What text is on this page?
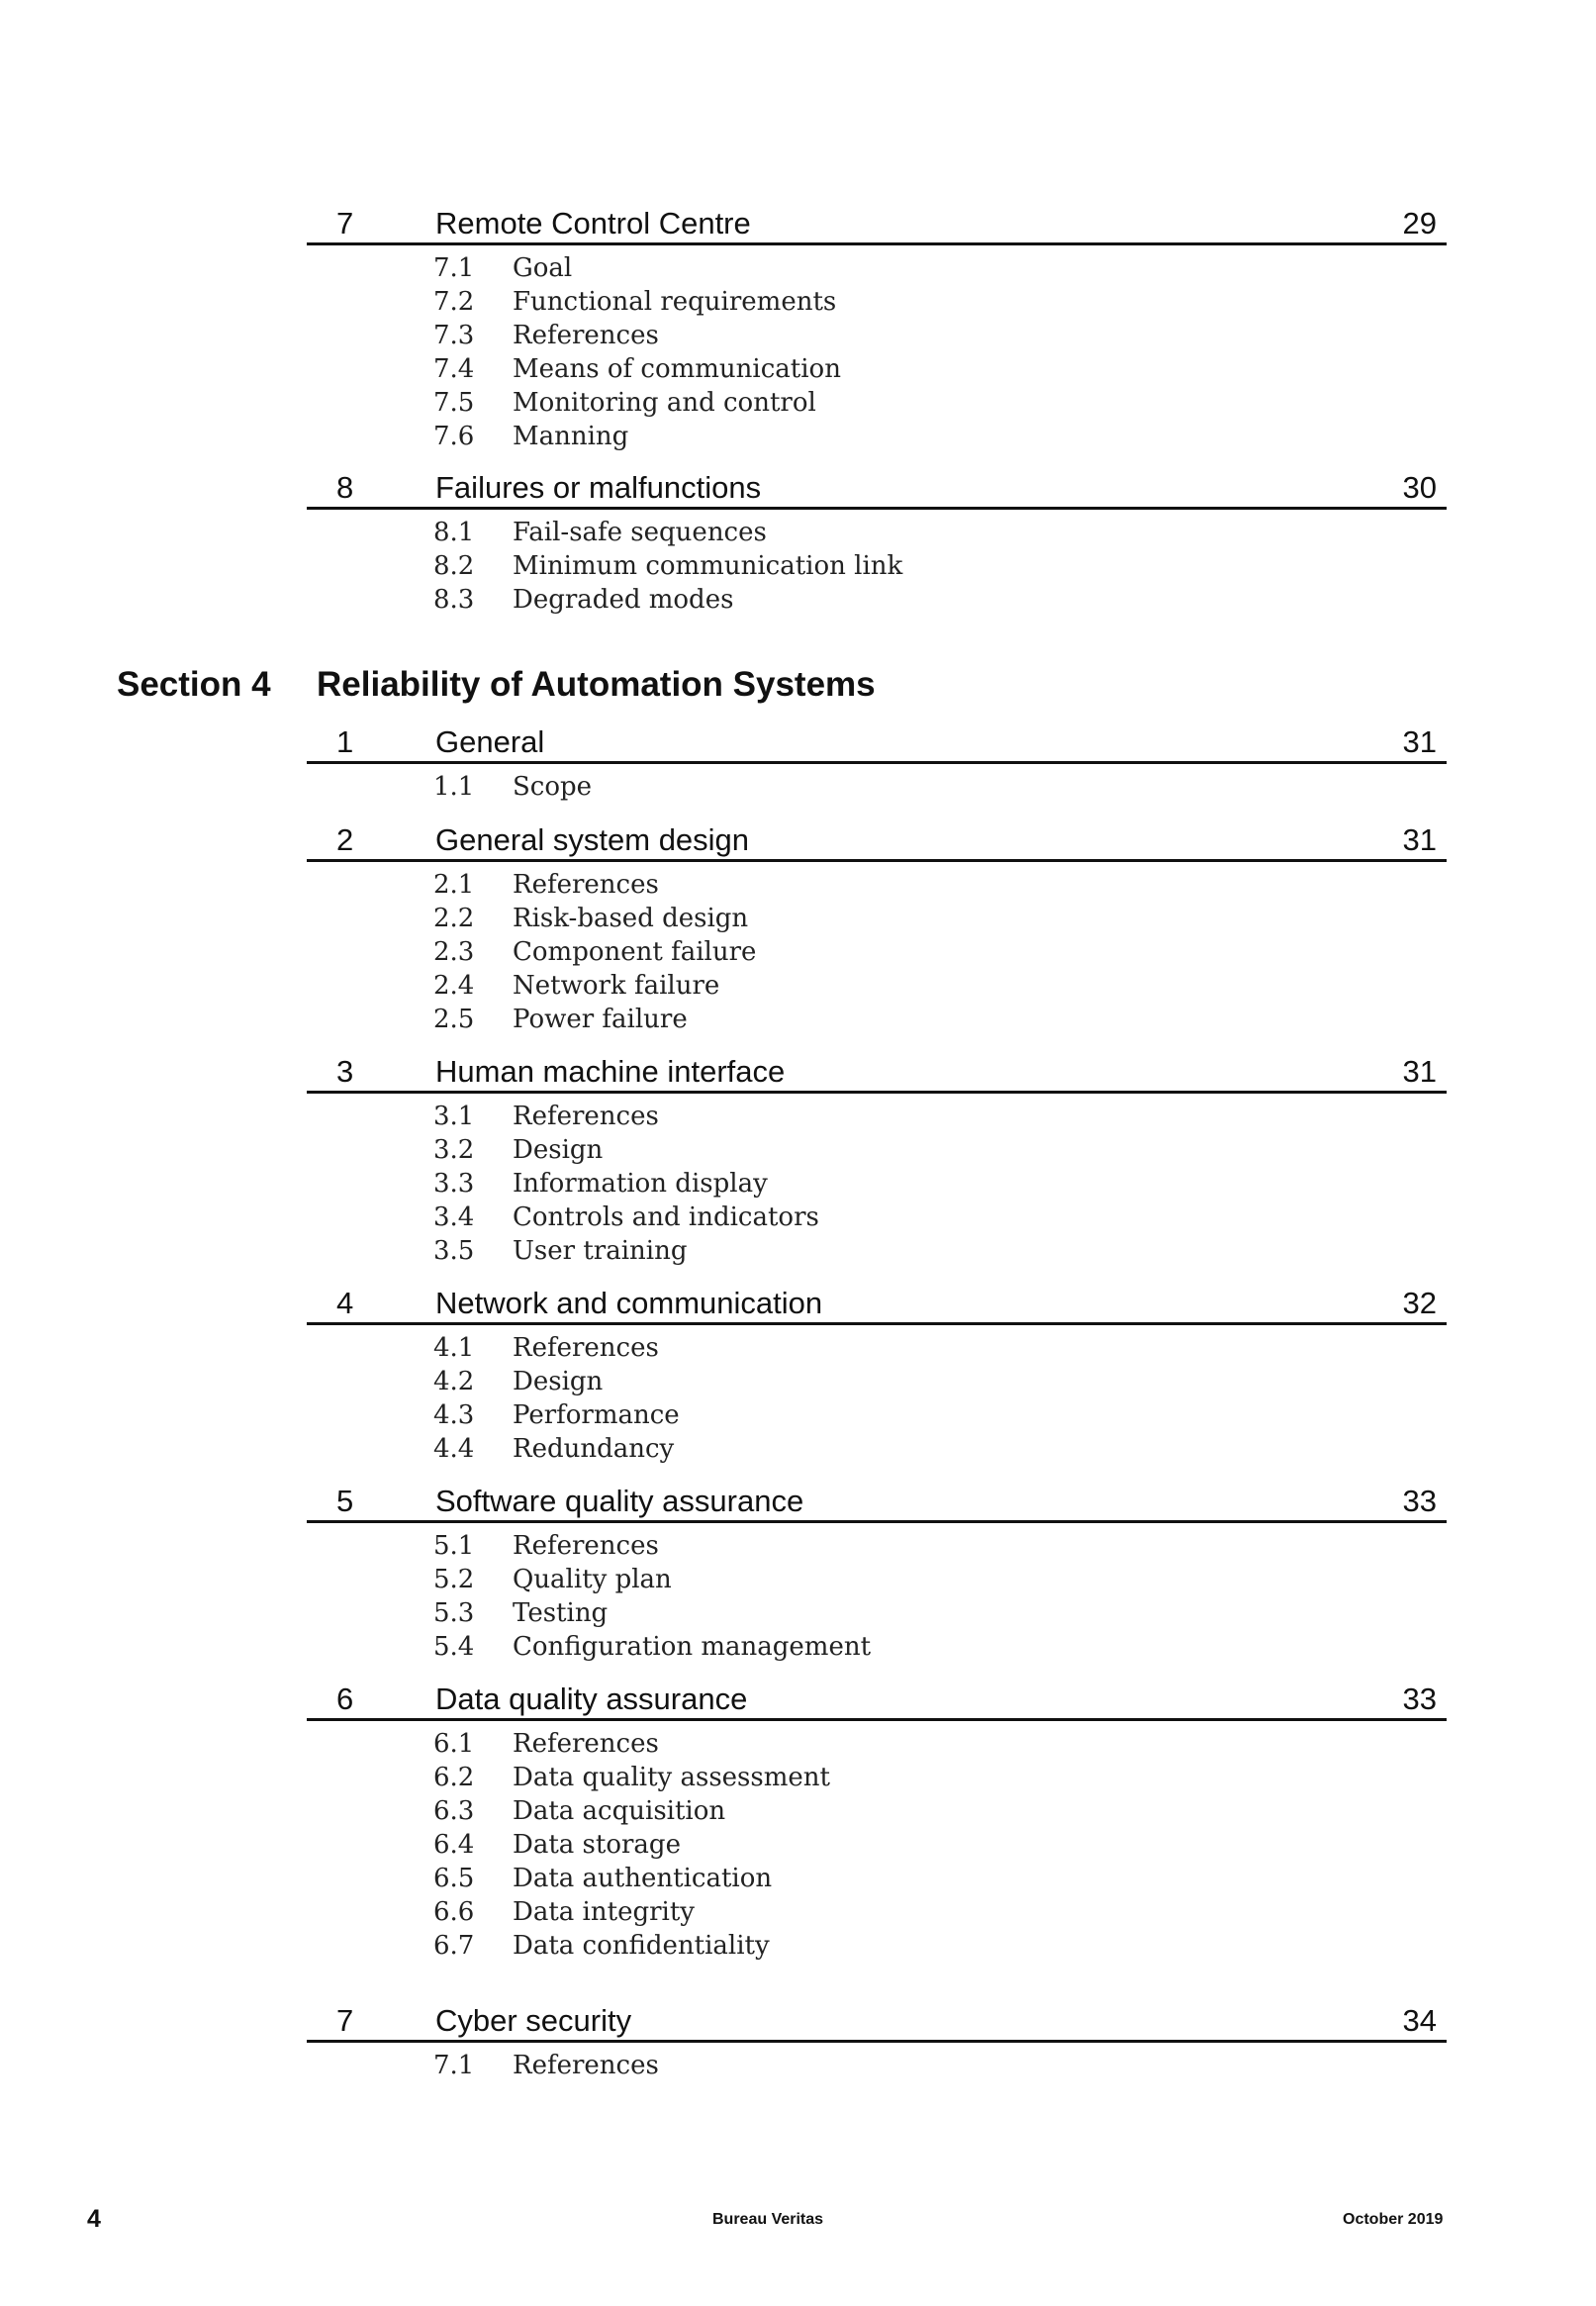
7	Remote Control Centre	29
7.1 Goal
7.2 Functional requirements
7.3 References
7.4 Means of communication
7.5 Monitoring and control
7.6 Manning
8	Failures or malfunctions	30
8.1 Fail-safe sequences
8.2 Minimum communication link
8.3 Degraded modes
Section 4 Reliability of Automation Systems
1	General	31
1.1 Scope
2	General system design	31
2.1 References
2.2 Risk-based design
2.3 Component failure
2.4 Network failure
2.5 Power failure
3	Human machine interface	31
3.1 References
3.2 Design
3.3 Information display
3.4 Controls and indicators
3.5 User training
4	Network and communication	32
4.1 References
4.2 Design
4.3 Performance
4.4 Redundancy
5	Software quality assurance	33
5.1 References
5.2 Quality plan
5.3 Testing
5.4 Configuration management
6	Data quality assurance	33
6.1 References
6.2 Data quality assessment
6.3 Data acquisition
6.4 Data storage
6.5 Data authentication
6.6 Data integrity
6.7 Data confidentiality
7	Cyber security	34
7.1 References
4	Bureau Veritas	October 2019
